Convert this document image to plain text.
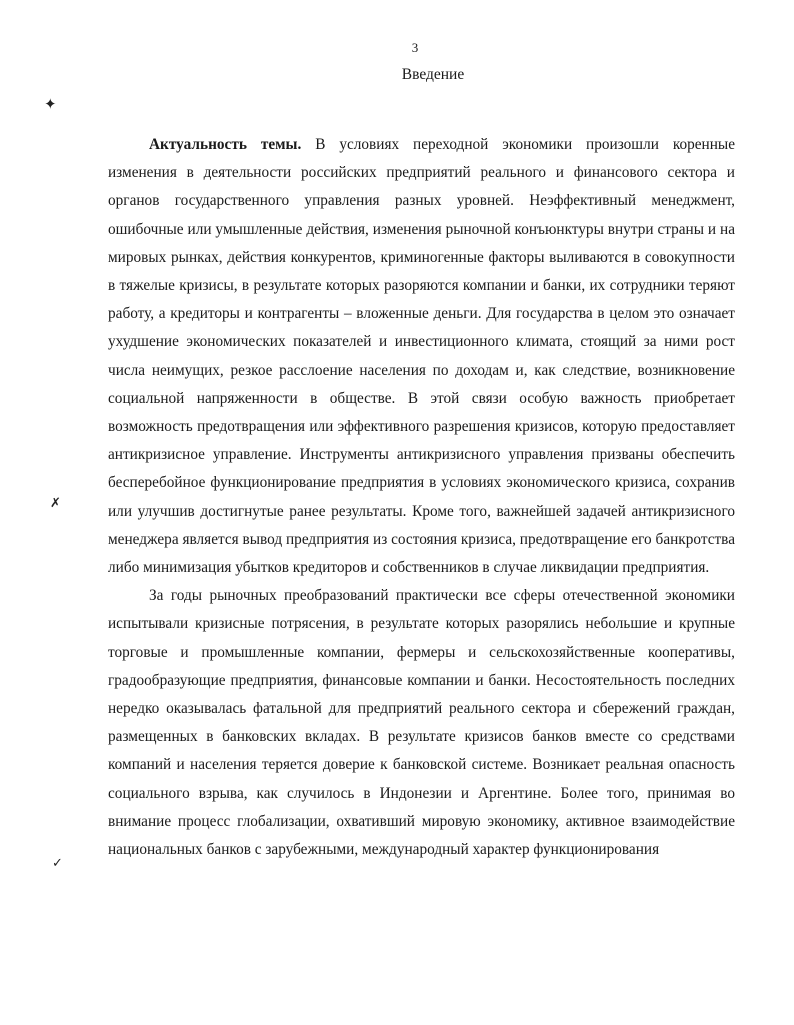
3
Введение
✦
✗
✓

Актуальность темы. В условиях переходной экономики произошли коренные изменения в деятельности российских предприятий реального и финансового сектора и органов государственного управления разных уровней. Неэффективный менеджмент, ошибочные или умышленные действия, изменения рыночной конъюнктуры внутри страны и на мировых рынках, действия конкурентов, криминогенные факторы выливаются в совокупности в тяжелые кризисы, в результате которых разоряются компании и банки, их сотрудники теряют работу, а кредиторы и контрагенты – вложенные деньги. Для государства в целом это означает ухудшение экономических показателей и инвестиционного климата, стоящий за ними рост числа неимущих, резкое расслоение населения по доходам и, как следствие, возникновение социальной напряженности в обществе. В этой связи особую важность приобретает возможность предотвращения или эффективного разрешения кризисов, которую предоставляет антикризисное управление. Инструменты антикризисного управления призваны обеспечить бесперебойное функционирование предприятия в условиях экономического кризиса, сохранив или улучшив достигнутые ранее результаты. Кроме того, важнейшей задачей антикризисного менеджера является вывод предприятия из состояния кризиса, предотвращение его банкротства либо минимизация убытков кредиторов и собственников в случае ликвидации предприятия.

За годы рыночных преобразований практически все сферы отечественной экономики испытывали кризисные потрясения, в результате которых разорялись небольшие и крупные торговые и промышленные компании, фермеры и сельскохозяйственные кооперативы, градообразующие предприятия, финансовые компании и банки. Несостоятельность последних нередко оказывалась фатальной для предприятий реального сектора и сбережений граждан, размещенных в банковских вкладах. В результате кризисов банков вместе со средствами компаний и населения теряется доверие к банковской системе. Возникает реальная опасность социального взрыва, как случилось в Индонезии и Аргентине. Более того, принимая во внимание процесс глобализации, охвативший мировую экономику, активное взаимодействие национальных банков с зарубежными, международный характер функционирования
